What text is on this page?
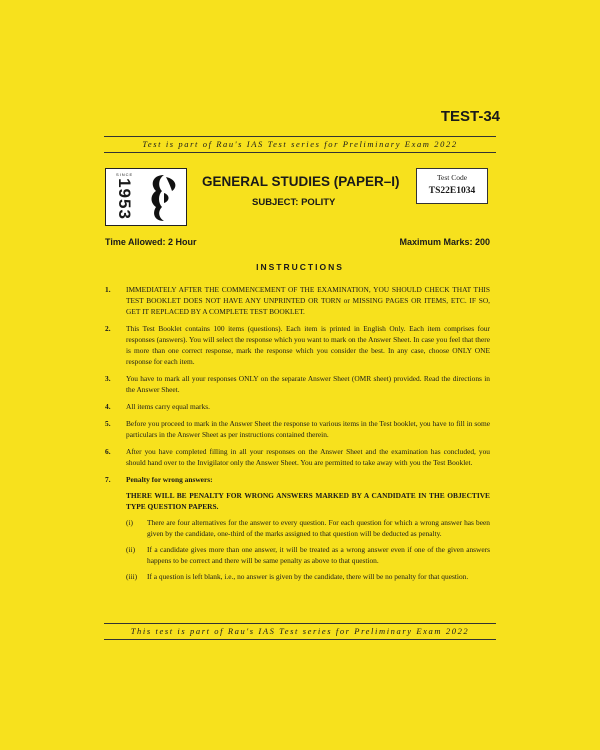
TEST-34
Test is part of Rau's IAS Test series for Preliminary Exam 2022
SINCE
1953	GENERAL STUDIES (PAPER–I)
SUBJECT: POLITY
Test Code
TS22E1034
Time Allowed: 2 Hour	Maximum Marks: 200
INSTRUCTIONS
1. IMMEDIATELY AFTER THE COMMENCEMENT OF THE EXAMINATION, YOU SHOULD CHECK THAT THIS TEST BOOKLET DOES NOT HAVE ANY UNPRINTED OR TORN or MISSING PAGES OR ITEMS, ETC. IF SO, GET IT REPLACED BY A COMPLETE TEST BOOKLET.
2. This Test Booklet contains 100 items (questions). Each item is printed in English Only. Each item comprises four responses (answers). You will select the response which you want to mark on the Answer Sheet. In case you feel that there is more than one correct response, mark the response which you consider the best. In any case, choose ONLY ONE response for each item.
3. You have to mark all your responses ONLY on the separate Answer Sheet (OMR sheet) provided. Read the directions in the Answer Sheet.
4. All items carry equal marks.
5. Before you proceed to mark in the Answer Sheet the response to various items in the Test booklet, you have to fill in some particulars in the Answer Sheet as per instructions contained therein.
6. After you have completed filling in all your responses on the Answer Sheet and the examination has concluded, you should hand over to the Invigilator only the Answer Sheet. You are permitted to take away with you the Test Booklet.
7. Penalty for wrong answers:
THERE WILL BE PENALTY FOR WRONG ANSWERS MARKED BY A CANDIDATE IN THE OBJECTIVE TYPE QUESTION PAPERS.
(i) There are four alternatives for the answer to every question. For each question for which a wrong answer has been given by the candidate, one-third of the marks assigned to that question will be deducted as penalty.
(ii) If a candidate gives more than one answer, it will be treated as a wrong answer even if one of the given answers happens to be correct and there will be same penalty as above to that question.
(iii) If a question is left blank, i.e., no answer is given by the candidate, there will be no penalty for that question.
This test is part of Rau's IAS Test series for Preliminary Exam 2022
